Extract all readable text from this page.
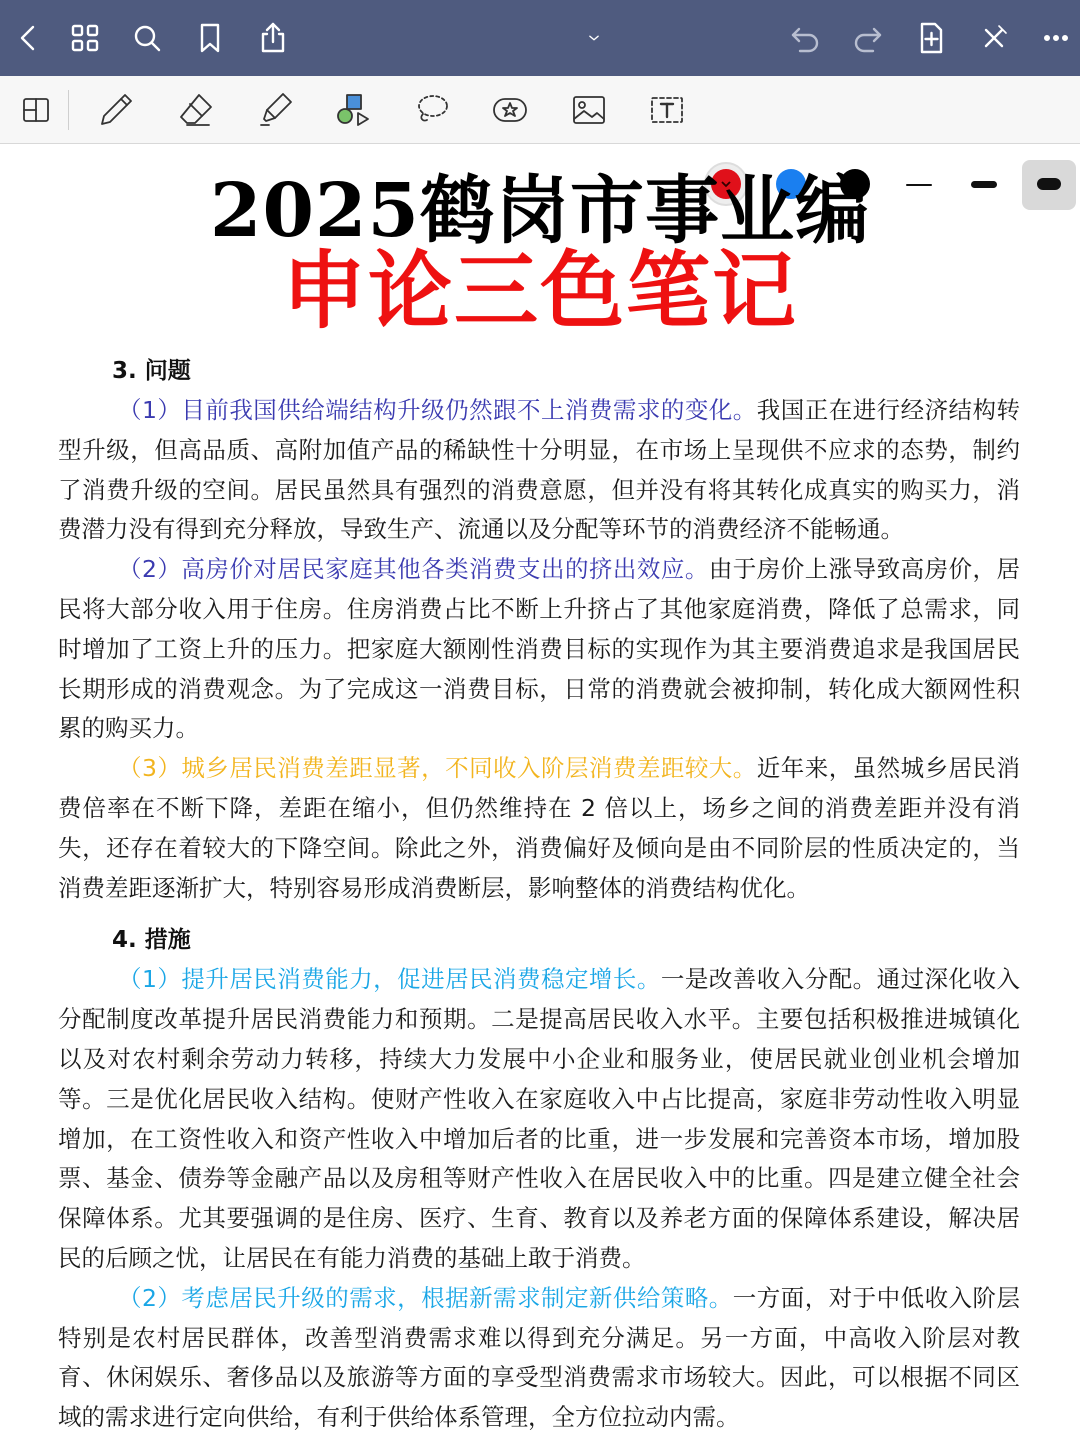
2025鹤岗市事业编
申论三色笔记
3. 问题

（1）目前我国供给端结构升级仍然跟不上消费需求的变化。我国正在进行经济结构转型升级，但高品质、高附加值产品的稀缺性十分明显，在市场上呈现供不应求的态势，制约了消费升级的空间。居民虽然具有强烈的消费意愿，但并没有将其转化成真实的购买力，消费潜力没有得到充分释放，导致生产、流通以及分配等环节的消费经济不能畅通。

（2）高房价对居民家庭其他各类消费支出的挤出效应。由于房价上涨导致高房价，居民将大部分收入用于住房。住房消费占比不断上升挤占了其他家庭消费，降低了总需求，同时增加了工资上升的压力。把家庭大额刚性消费目标的实现作为其主要消费追求是我国居民长期形成的消费观念。为了完成这一消费目标，日常的消费就会被抑制，转化成大额网性积累的购买力。

（3）城乡居民消费差距显著，不同收入阶层消费差距较大。近年来，虽然城乡居民消费倍率在不断下降，差距在缩小，但仍然维持在 2 倍以上，场乡之间的消费差距并没有消失，还存在着较大的下降空间。除此之外，消费偏好及倾向是由不同阶层的性质决定的，当消费差距逐渐扩大，特别容易形成消费断层，影响整体的消费结构优化。

4. 措施

（1）提升居民消费能力，促进居民消费稳定增长。一是改善收入分配。通过深化收入分配制度改革提升居民消费能力和预期。二是提高居民收入水平。主要包括积极推进城镇化以及对农村剩余劳动力转移，持续大力发展中小企业和服务业，使居民就业创业机会增加等。三是优化居民收入结构。使财产性收入在家庭收入中占比提高，家庭非劳动性收入明显增加，在工资性收入和资产性收入中增加后者的比重，进一步发展和完善资本市场，增加股票、基金、债券等金融产品以及房租等财产性收入在居民收入中的比重。四是建立健全社会保障体系。尤其要强调的是住房、医疗、生育、教育以及养老方面的保障体系建设，解决居民的后顾之忧，让居民在有能力消费的基础上敢于消费。

（2）考虑居民升级的需求，根据新需求制定新供给策略。一方面，对于中低收入阶层特别是农村居民群体，改善型消费需求难以得到充分满足。另一方面，中高收入阶层对教育、休闲娱乐、奢侈品以及旅游等方面的享受型消费需求市场较大。因此，可以根据不同区域的需求进行定向供给，有利于供给体系管理，全方位拉动内需。
